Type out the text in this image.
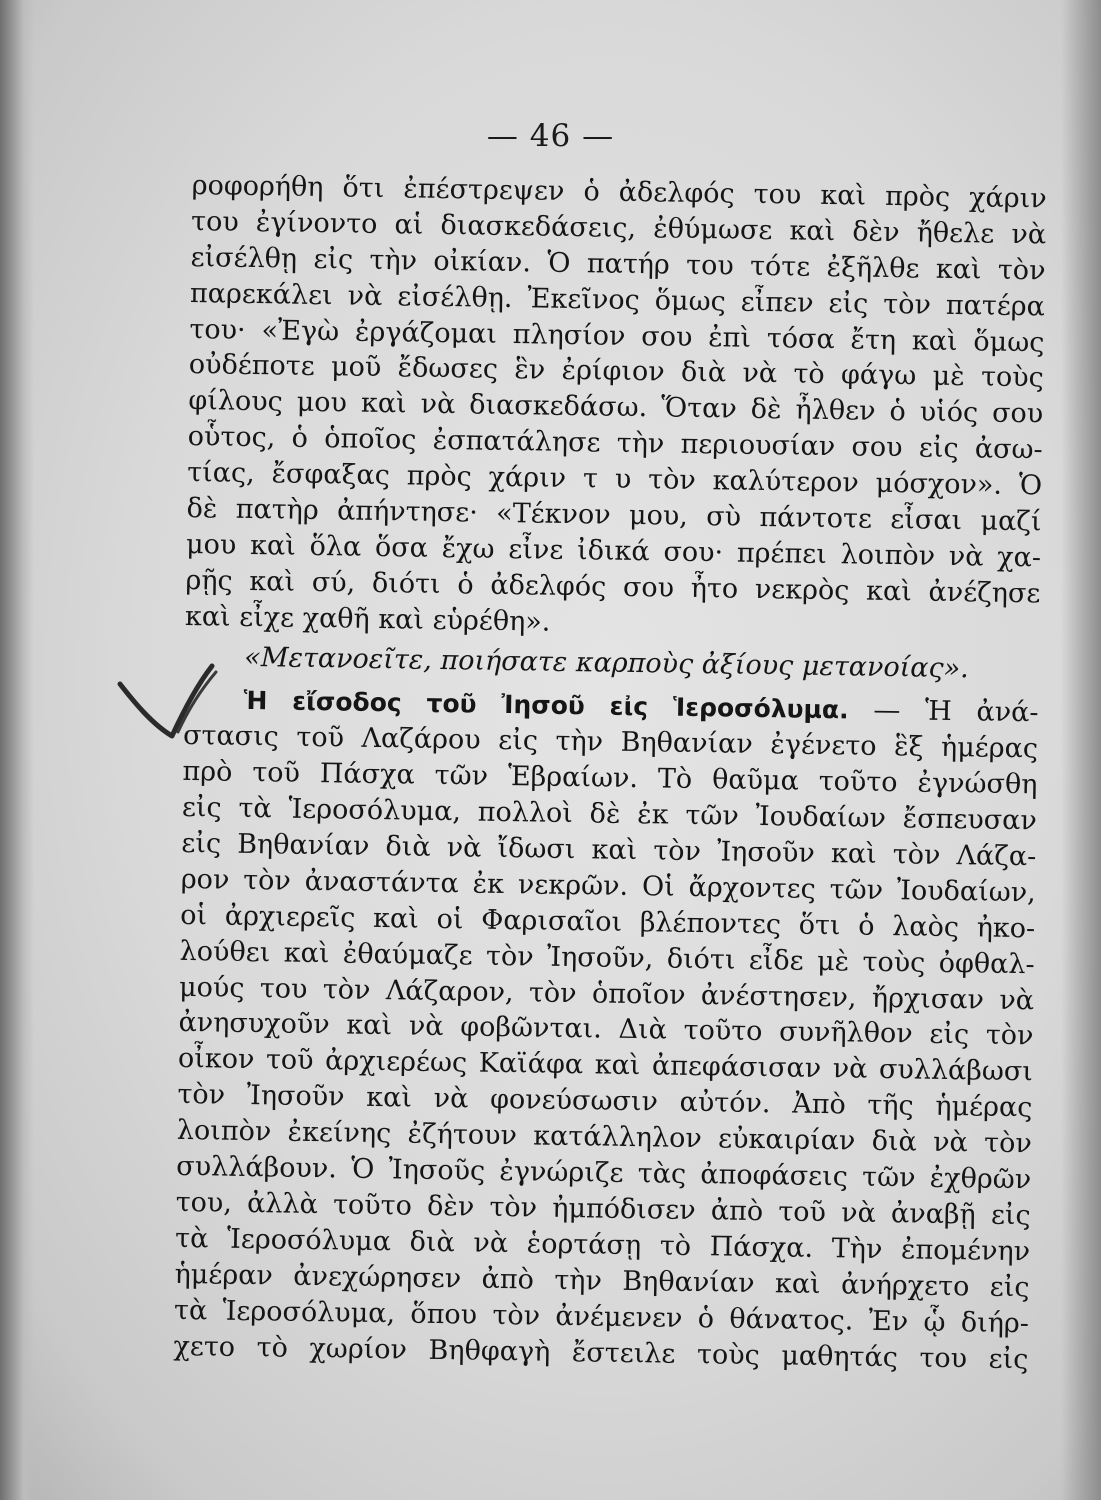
— 46 —
ροφορήθη ὅτι ἐπέστρεψεν ὁ ἀδελφός του καὶ πρὸς χάριν
του ἐγίνοντο αἱ διασκεδάσεις, ἐθύμωσε καὶ δὲν ἤθελε νὰ
εἰσέλθῃ εἰς τὴν οἰκίαν. Ὁ πατήρ του τότε ἐξῆλθε καὶ τὸν
παρεκάλει νὰ εἰσέλθῃ. Ἐκεῖνος ὅμως εἶπεν εἰς τὸν πατέρα
του· «Ἐγὼ ἐργάζομαι πλησίον σου ἐπὶ τόσα ἔτη καὶ ὅμως
οὐδέποτε μοῦ ἔδωσες ἓν ἐρίφιον διὰ νὰ τὸ φάγω μὲ τοὺς
φίλους μου καὶ νὰ διασκεδάσω. Ὅταν δὲ ἦλθεν ὁ υἱός σου
οὗτος, ὁ ὁποῖος ἐσπατάλησε τὴν περιουσίαν σου εἰς ἀσω-
τίας, ἔσφαξας πρὸς χάριν τ υ τὸν καλύτερον μόσχον». Ὁ
δὲ πατὴρ ἀπήντησε· «Τέκνον μου, σὺ πάντοτε εἶσαι μαζί
μου καὶ ὅλα ὅσα ἔχω εἶνε ἰδικά σου· πρέπει λοιπὸν νὰ χα-
ρῇς καὶ σύ, διότι ὁ ἀδελφός σου ἦτο νεκρὸς καὶ ἀνέζησε
καὶ εἶχε χαθῆ καὶ εὑρέθη».
«Μετανοεῖτε, ποιήσατε καρποὺς ἀξίους μετανοίας».
Ἡ εἴσοδος τοῦ Ἰησοῦ εἰς Ἱεροσόλυμα. — Ἡ ἀνά-
στασις τοῦ Λαζάρου εἰς τὴν Βηθανίαν ἐγένετο ἓξ ἡμέρας
πρὸ τοῦ Πάσχα τῶν Ἑβραίων. Τὸ θαῦμα τοῦτο ἐγνώσθη
εἰς τὰ Ἱεροσόλυμα, πολλοὶ δὲ ἐκ τῶν Ἰουδαίων ἔσπευσαν
εἰς Βηθανίαν διὰ νὰ ἴδωσι καὶ τὸν Ἰησοῦν καὶ τὸν Λάζα-
ρον τὸν ἀναστάντα ἐκ νεκρῶν. Οἱ ἄρχοντες τῶν Ἰουδαίων,
οἱ ἀρχιερεῖς καὶ οἱ Φαρισαῖοι βλέποντες ὅτι ὁ λαὸς ἠκο-
λούθει καὶ ἐθαύμαζε τὸν Ἰησοῦν, διότι εἶδε μὲ τοὺς ὀφθαλ-
μούς του τὸν Λάζαρον, τὸν ὁποῖον ἀνέστησεν, ἤρχισαν νὰ
ἀνησυχοῦν καὶ νὰ φοβῶνται. Διὰ τοῦτο συνῆλθον εἰς τὸν
οἶκον τοῦ ἀρχιερέως Καϊάφα καὶ ἀπεφάσισαν νὰ συλλάβωσι
τὸν Ἰησοῦν καὶ νὰ φονεύσωσιν αὐτόν. Ἀπὸ τῆς ἡμέρας
λοιπὸν ἐκείνης ἐζήτουν κατάλληλον εὐκαιρίαν διὰ νὰ τὸν
συλλάβουν. Ὁ Ἰησοῦς ἐγνώριζε τὰς ἀποφάσεις τῶν ἐχθρῶν
του, ἀλλὰ τοῦτο δὲν τὸν ἠμπόδισεν ἀπὸ τοῦ νὰ ἀναβῇ εἰς
τὰ Ἱεροσόλυμα διὰ νὰ ἑορτάσῃ τὸ Πάσχα. Τὴν ἐπομένην
ἡμέραν ἀνεχώρησεν ἀπὸ τὴν Βηθανίαν καὶ ἀνήρχετο εἰς
τὰ Ἱεροσόλυμα, ὅπου τὸν ἀνέμενεν ὁ θάνατος. Ἐν ᾧ διήρ-
χετο τὸ χωρίον Βηθφαγὴ ἔστειλε τοὺς μαθητάς του εἰς
